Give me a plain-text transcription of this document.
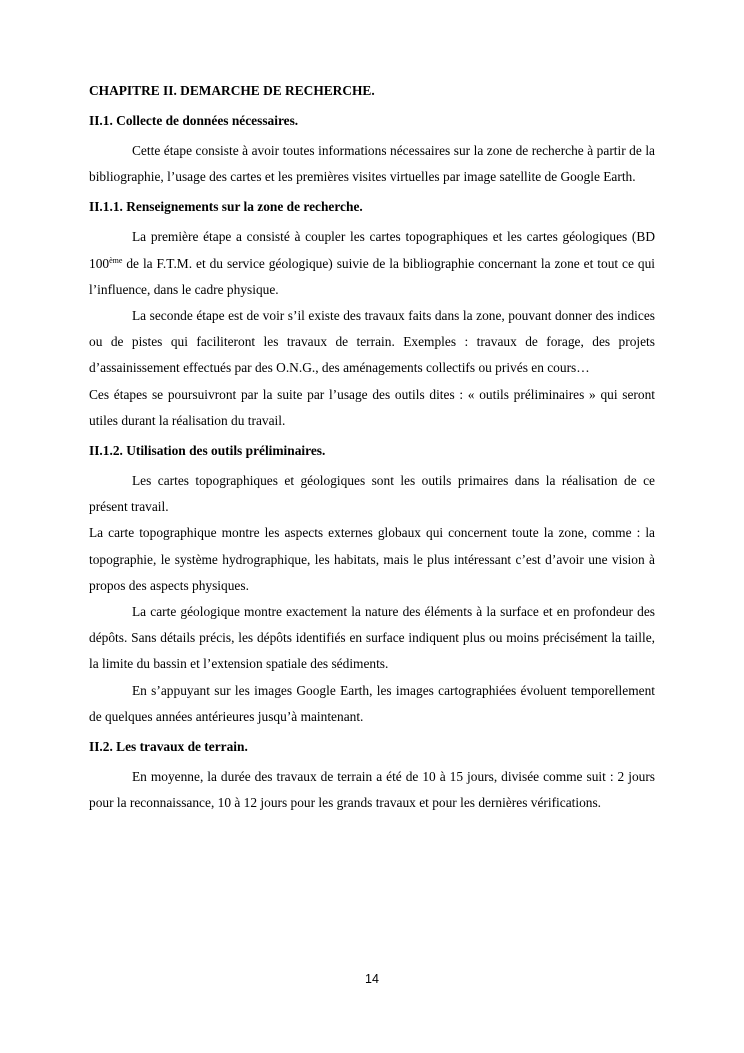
CHAPITRE II. DEMARCHE DE RECHERCHE.
II.1. Collecte de données nécessaires.

Cette étape consiste à avoir toutes informations nécessaires sur la zone de recherche à partir de la bibliographie, l’usage des cartes et les premières visites virtuelles par image satellite de Google Earth.

II.1.1. Renseignements sur la zone de recherche.

La première étape a consisté à coupler les cartes topographiques et les cartes géologiques (BD 100ème de la F.T.M. et du service géologique) suivie de la bibliographie concernant la zone et tout ce qui l’influence, dans le cadre physique.

La seconde étape est de voir s’il existe des travaux faits dans la zone, pouvant donner des indices ou de pistes qui faciliteront les travaux de terrain. Exemples : travaux de forage, des projets d’assainissement effectués par des O.N.G., des aménagements collectifs ou privés en cours…

Ces étapes se poursuivront par la suite par l’usage des outils dites : « outils préliminaires » qui seront utiles durant la réalisation du travail.

II.1.2. Utilisation des outils préliminaires.

Les cartes topographiques et géologiques sont les outils primaires dans la réalisation de ce présent travail.

La carte topographique montre les aspects externes globaux qui concernent toute la zone, comme : la topographie, le système hydrographique, les habitats, mais le plus intéressant c’est d’avoir une vision à propos des aspects physiques.

La carte géologique montre exactement la nature des éléments à la surface et en profondeur des dépôts. Sans détails précis, les dépôts identifiés en surface indiquent plus ou moins précisément la taille, la limite du bassin et l’extension spatiale des sédiments.

En s’appuyant sur les images Google Earth, les images cartographiées évoluent temporellement de quelques années antérieures jusqu’à maintenant.

II.2. Les travaux de terrain.

En moyenne, la durée des travaux de terrain a été de 10 à 15 jours, divisée comme suit : 2 jours pour la reconnaissance, 10 à 12 jours pour les grands travaux et pour les dernières vérifications.

14
